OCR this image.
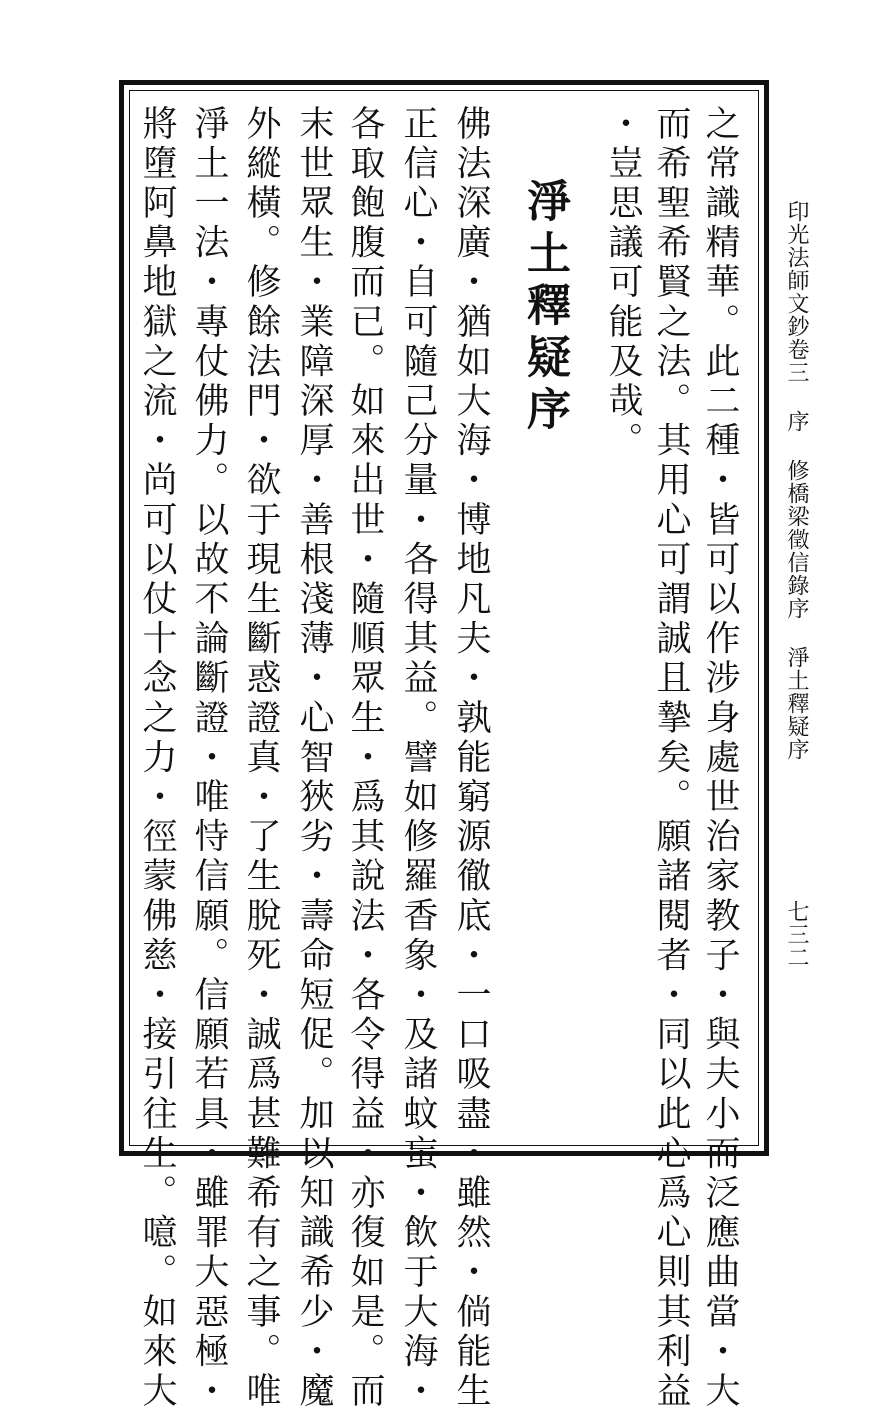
印光法師文鈔卷三 序 修橋梁徵信錄序 淨土釋疑序
七三二
之常識精華。此二種・皆可以作涉身處世治家教子・與夫小而泛應曲當・大
而希聖希賢之法。其用心可謂誠且摯矣。願諸閱者・同以此心爲心則其利益
・豈思議可能及哉。
淨土釋疑序
佛法深廣・猶如大海・博地凡夫・孰能窮源徹底・一口吸盡・雖然・倘能生
正信心・自可隨己分量・各得其益。譬如修羅香象・及諸蚊䖟・飲于大海・
各取飽腹而已。如來出世・隨順眾生・爲其說法・各令得益・亦復如是。而
末世眾生・業障深厚・善根淺薄・心智狹劣・壽命短促。加以知識希少・魔
外縱橫。修餘法門・欲于現生斷惑證真・了生脫死・誠爲甚難希有之事。唯
淨土一法・專仗佛力。以故不論斷證・唯恃信願。信願若具・雖罪大惡極・
將墮阿鼻地獄之流・尚可以仗十念之力・徑蒙佛慈・接引往生。噫。如來大
